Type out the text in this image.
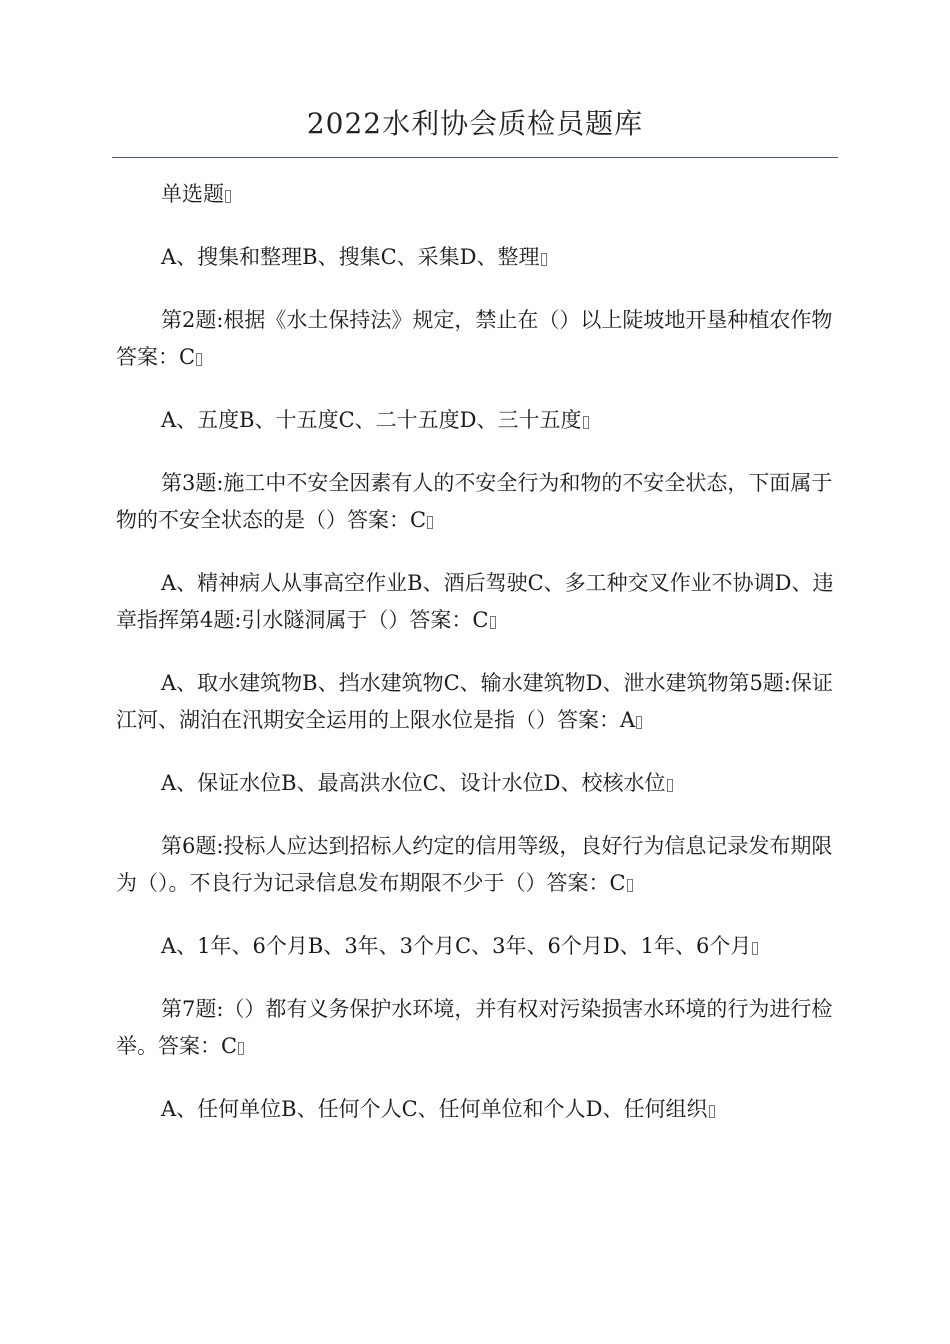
2022水利协会质检员题库

单选题

A、搜集和整理B、搜集C、采集D、整理

第2题:根据《水土保持法》规定，禁止在（）以上陡坡地开垦种植农作物答案：C

A、五度B、十五度C、二十五度D、三十五度

第3题:施工中不安全因素有人的不安全行为和物的不安全状态，下面属于物的不安全状态的是（）答案：C

A、精神病人从事高空作业B、酒后驾驶C、多工种交叉作业不协调D、违章指挥第4题:引水隧洞属于（）答案：C

A、取水建筑物B、挡水建筑物C、输水建筑物D、泄水建筑物第5题:保证江河、湖泊在汛期安全运用的上限水位是指（）答案：A

A、保证水位B、最高洪水位C、设计水位D、校核水位

第6题:投标人应达到招标人约定的信用等级，良好行为信息记录发布期限为（）。不良行为记录信息发布期限不少于（）答案：C

A、1年、6个月B、3年、3个月C、3年、6个月D、1年、6个月

第7题:（）都有义务保护水环境，并有权对污染损害水环境的行为进行检举。答案：C

A、任何单位B、任何个人C、任何单位和个人D、任何组织
